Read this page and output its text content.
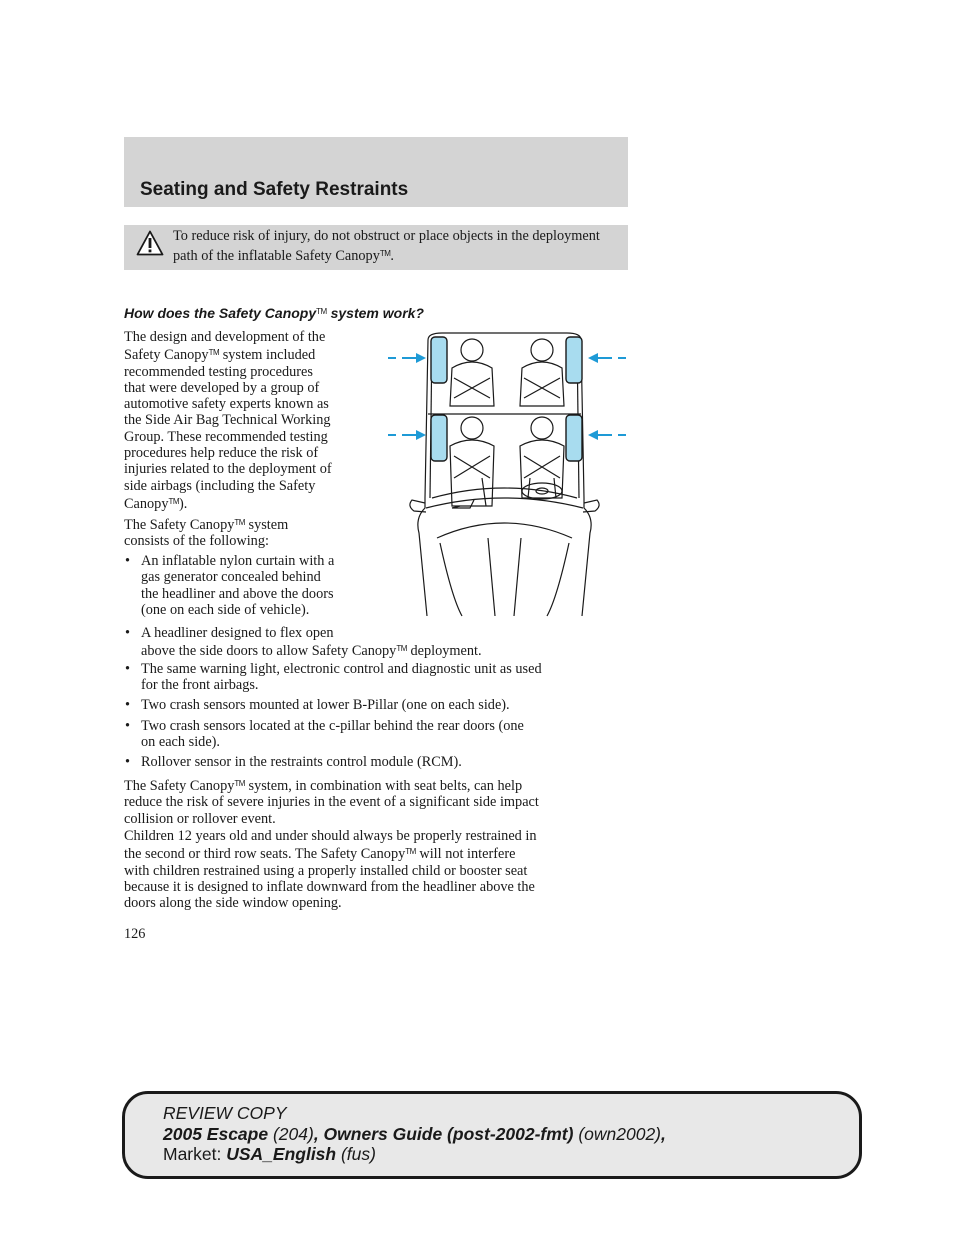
Seating and Safety Restraints
To reduce risk of injury, do not obstruct or place objects in the deployment path of the inflatable Safety Canopy™.
How does the Safety Canopy™ system work?
The design and development of the
Safety Canopy™ system included
recommended testing procedures
that were developed by a group of
automotive safety experts known as
the Side Air Bag Technical Working
Group. These recommended testing
procedures help reduce the risk of
injuries related to the deployment of
side airbags (including the Safety
Canopy™).
The Safety Canopy™ system
consists of the following:
• An inflatable nylon curtain with a
gas generator concealed behind
the headliner and above the doors
(one on each side of vehicle).
• A headliner designed to flex open
above the side doors to allow Safety Canopy™ deployment.
• The same warning light, electronic control and diagnostic unit as used
for the front airbags.
• Two crash sensors mounted at lower B-Pillar (one on each side).
• Two crash sensors located at the c-pillar behind the rear doors (one
on each side).
• Rollover sensor in the restraints control module (RCM).
The Safety Canopy™ system, in combination with seat belts, can help
reduce the risk of severe injuries in the event of a significant side impact
collision or rollover event.
Children 12 years old and under should always be properly restrained in
the second or third row seats. The Safety Canopy™ will not interfere
with children restrained using a properly installed child or booster seat
because it is designed to inflate downward from the headliner above the
doors along the side window opening.
126
REVIEW COPY
2005 Escape (204), Owners Guide (post-2002-fmt) (own2002),
Market: USA_English (fus)
